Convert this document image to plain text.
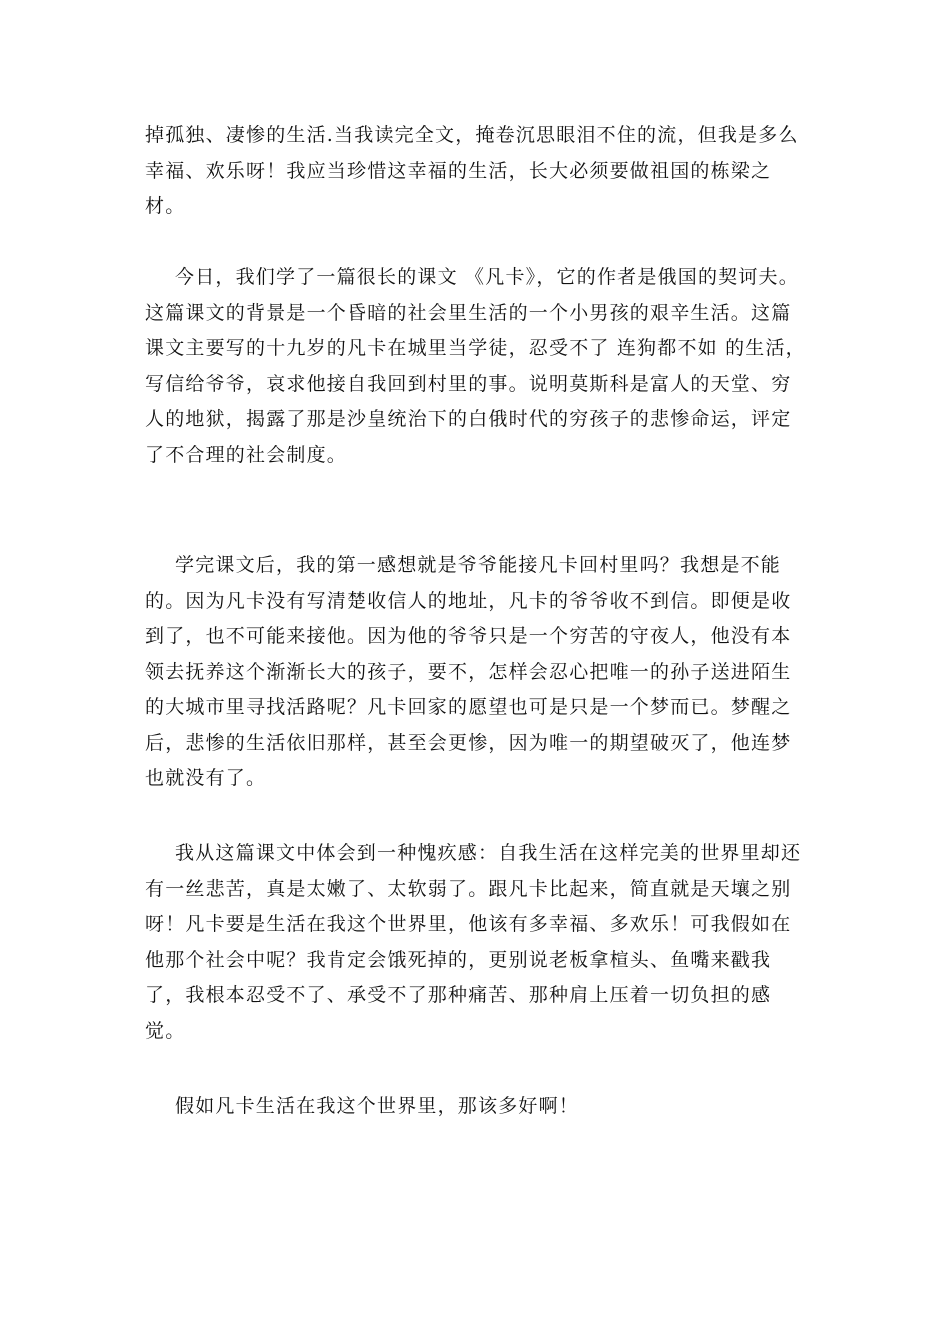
掉孤独、凄惨的生活.当我读完全文，掩卷沉思眼泪不住的流，但我是多么幸福、欢乐呀！我应当珍惜这幸福的生活，长大必须要做祖国的栋梁之材。

今日，我们学了一篇很长的课文 《凡卡》，它的作者是俄国的契诃夫。这篇课文的背景是一个昏暗的社会里生活的一个小男孩的艰辛生活。这篇课文主要写的十九岁的凡卡在城里当学徒，忍受不了 连狗都不如 的生活，写信给爷爷，哀求他接自我回到村里的事。说明莫斯科是富人的天堂、穷人的地狱，揭露了那是沙皇统治下的白俄时代的穷孩子的悲惨命运，评定了不合理的社会制度。

学完课文后，我的第一感想就是爷爷能接凡卡回村里吗？我想是不能的。因为凡卡没有写清楚收信人的地址，凡卡的爷爷收不到信。即便是收到了，也不可能来接他。因为他的爷爷只是一个穷苦的守夜人，他没有本领去抚养这个渐渐长大的孩子，要不，怎样会忍心把唯一的孙子送进陌生的大城市里寻找活路呢？凡卡回家的愿望也可是只是一个梦而已。梦醒之后，悲惨的生活依旧那样，甚至会更惨，因为唯一的期望破灭了，他连梦也就没有了。

我从这篇课文中体会到一种愧疚感：自我生活在这样完美的世界里却还有一丝悲苦，真是太嫩了、太软弱了。跟凡卡比起来，简直就是天壤之别呀！凡卡要是生活在我这个世界里，他该有多幸福、多欢乐！可我假如在他那个社会中呢？我肯定会饿死掉的，更别说老板拿楦头、鱼嘴来戳我了，我根本忍受不了、承受不了那种痛苦、那种肩上压着一切负担的感觉。

假如凡卡生活在我这个世界里，那该多好啊！
